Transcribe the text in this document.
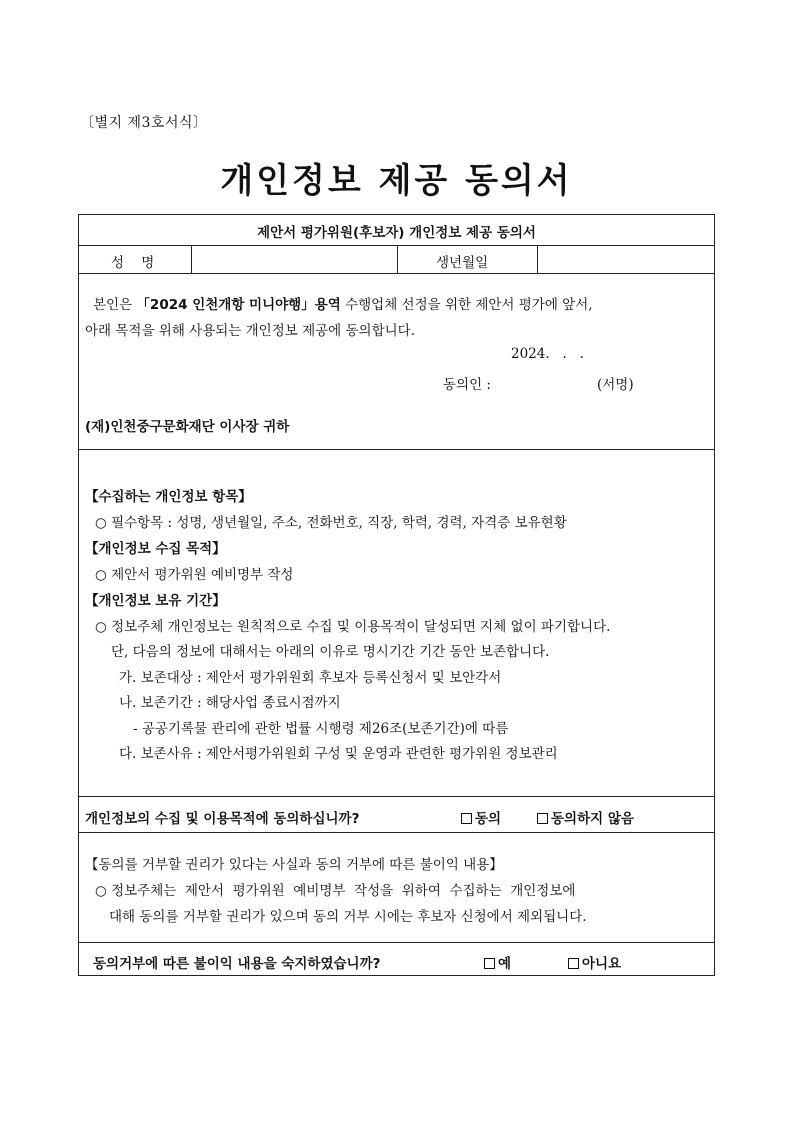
〔별지 제3호서식〕
개인정보 제공 동의서
제안서 평가위원(후보자) 개인정보 제공 동의서
성    명	생년월일
본인은 「2024 인천개항 미니야행」용역 수행업체 선정을 위한 제안서 평가에 앞서,
아래 목적을 위해 사용되는 개인정보 제공에 동의합니다.
2024.   .   .
동의인 :	(서명)
(재)인천중구문화재단 이사장 귀하
【수집하는 개인정보 항목】
○ 필수항목 : 성명, 생년월일, 주소, 전화번호, 직장, 학력, 경력, 자격증 보유현황
【개인정보 수집 목적】
○ 제안서 평가위원 예비명부 작성
【개인정보 보유 기간】
○ 정보주체 개인정보는 원칙적으로 수집 및 이용목적이 달성되면 지체 없이 파기합니다.
단, 다음의 정보에 대해서는 아래의 이유로 명시기간 기간 동안 보존합니다.
가. 보존대상 : 제안서 평가위원회 후보자 등록신청서 및 보안각서
나. 보존기간 : 해당사업 종료시점까지
- 공공기록물 관리에 관한 법률 시행령 제26조(보존기간)에 따름
다. 보존사유 : 제안서평가위원회 구성 및 운영과 관련한 평가위원 정보관리
개인정보의 수집 및 이용목적에 동의하십니까?	동의	동의하지 않음
【동의를 거부할 권리가 있다는 사실과 동의 거부에 따른 불이익 내용】
○ 정보주체는  제안서  평가위원  예비명부  작성을  위하여  수집하는  개인정보에
대해 동의를 거부할 권리가 있으며 동의 거부 시에는 후보자 신청에서 제외됩니다.
동의거부에 따른 불이익 내용을 숙지하였습니까?	예	아니요
